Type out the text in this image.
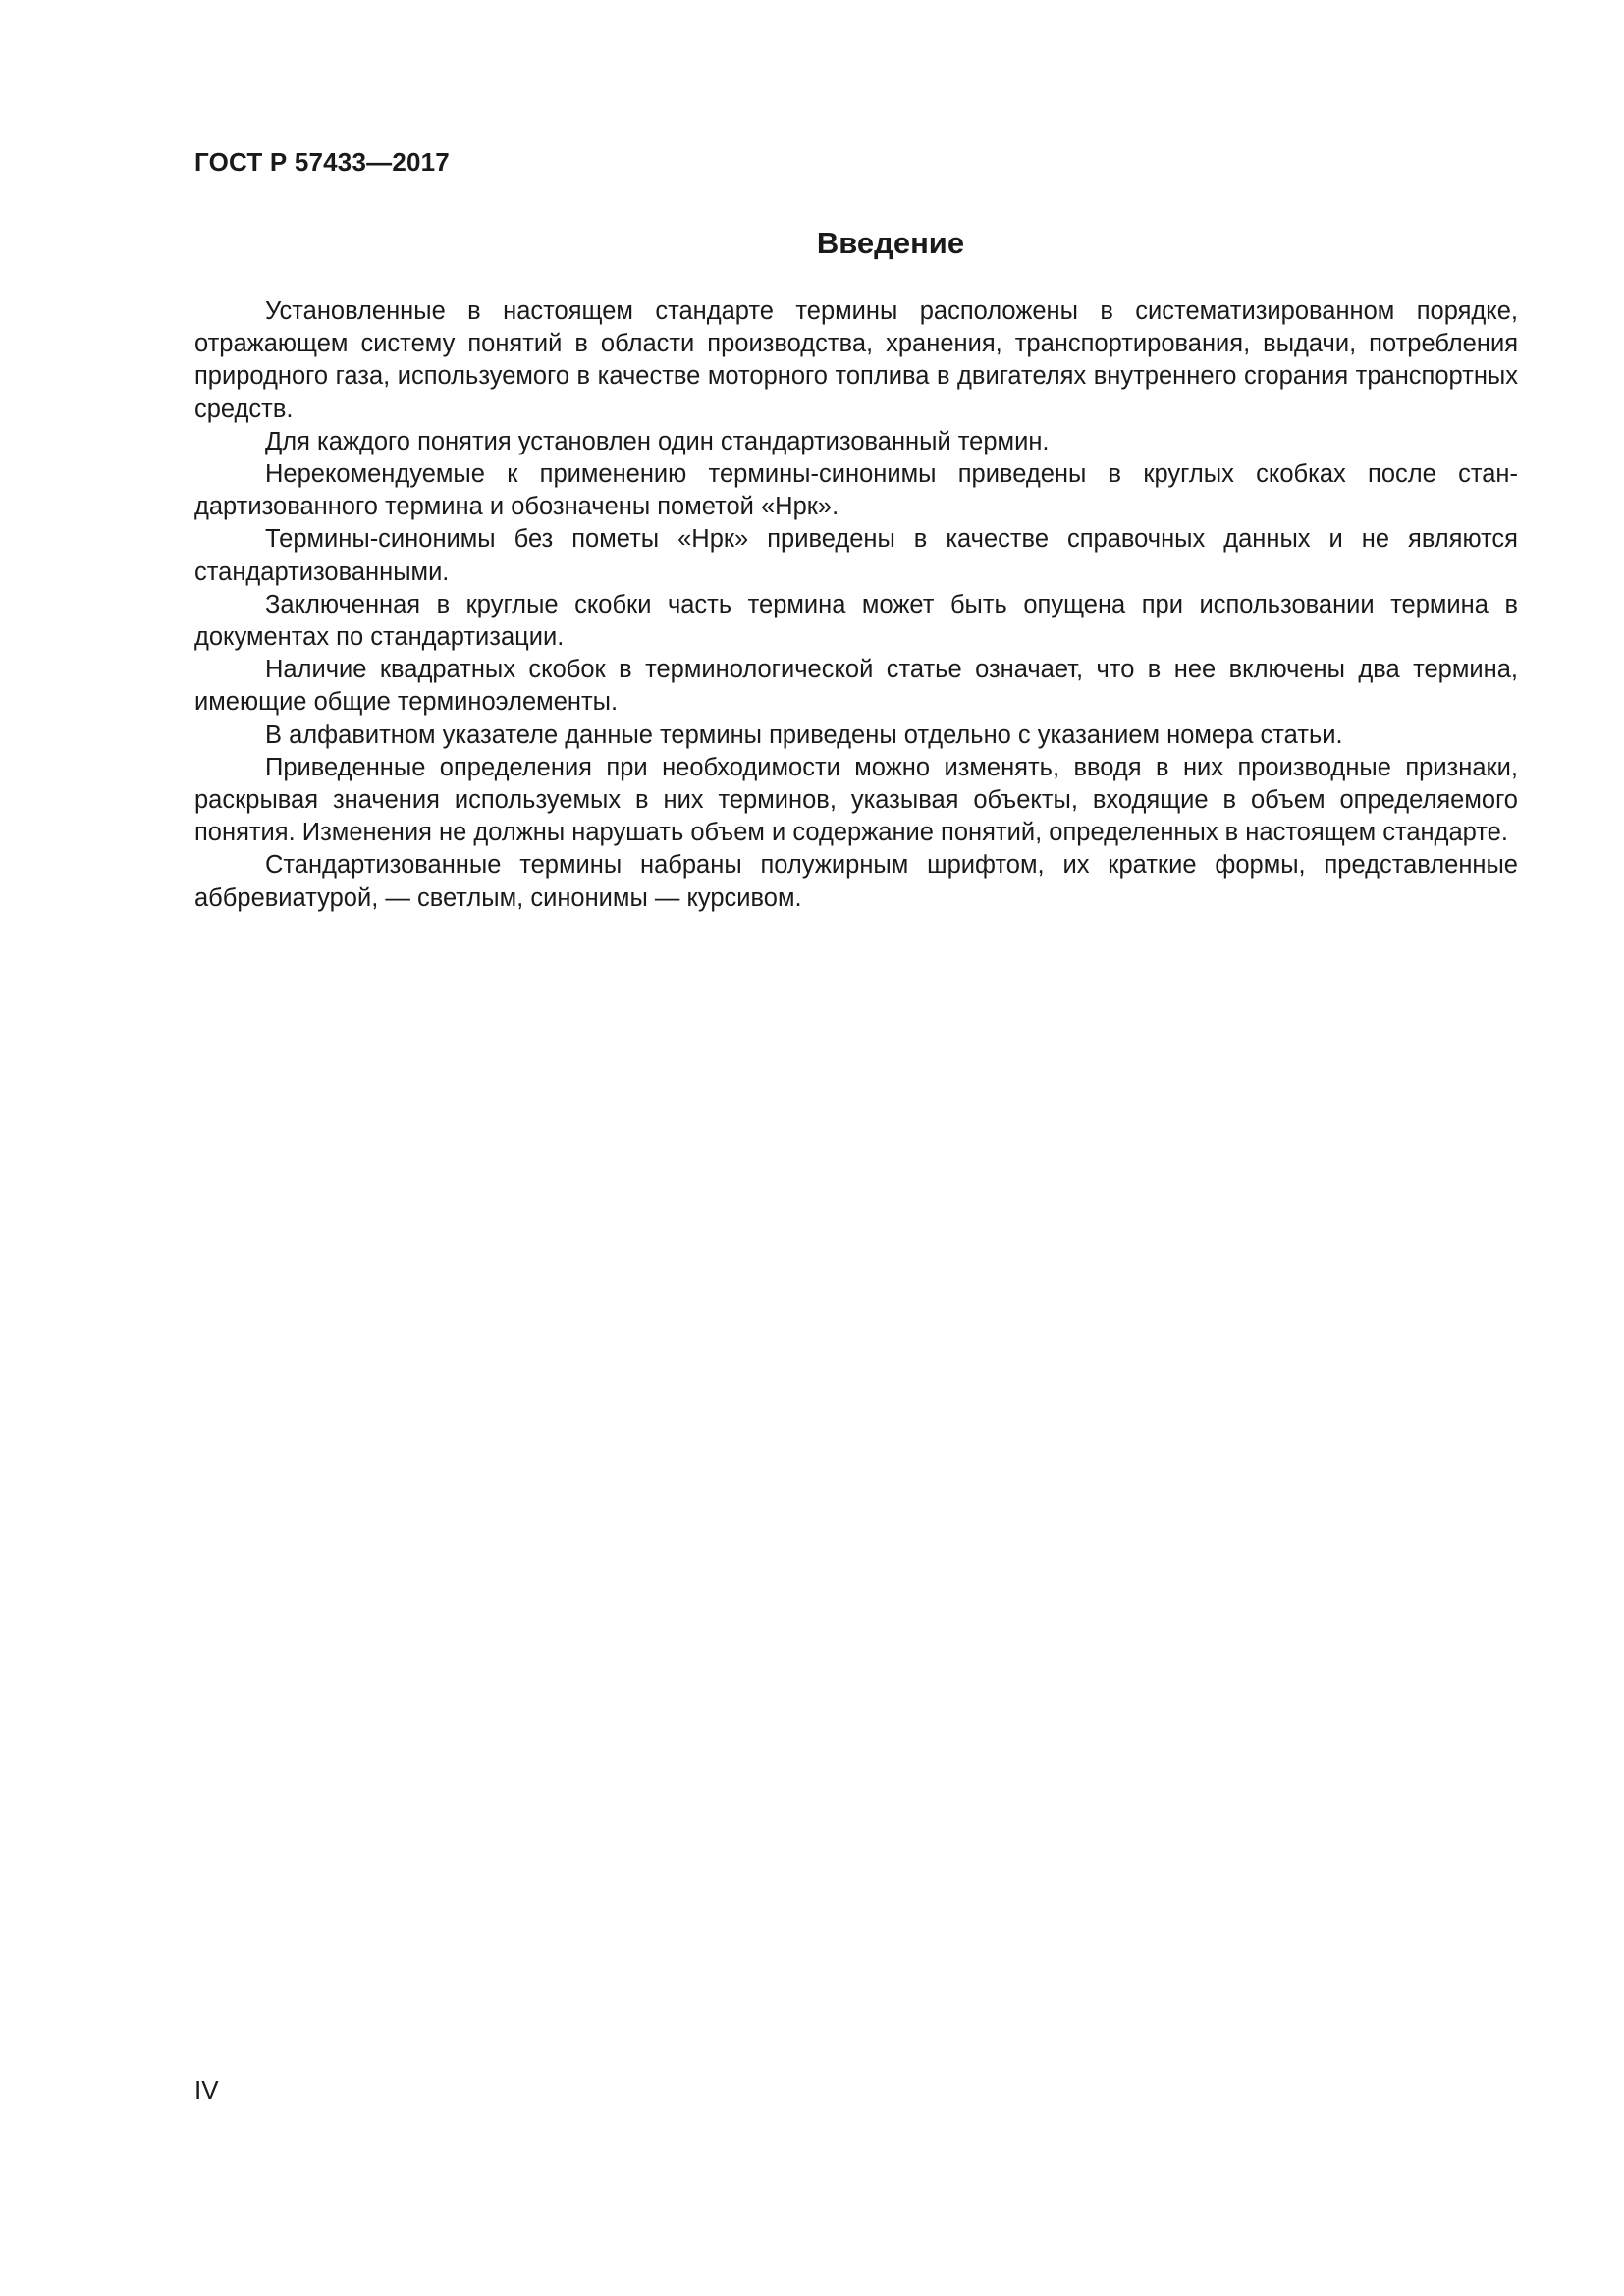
ГОСТ Р 57433—2017
Введение

Установленные в настоящем стандарте термины расположены в систематизированном порядке, отражающем систему понятий в области производства, хранения, транспортирования, выдачи, потребления природного газа, используемого в качестве моторного топлива в двигателях внутреннего сгорания транспортных средств.

Для каждого понятия установлен один стандартизованный термин.

Нерекомендуемые к применению термины-синонимы приведены в круглых скобках после стандартизованного термина и обозначены пометой «Нрк».

Термины-синонимы без пометы «Нрк» приведены в качестве справочных данных и не являются стандартизованными.

Заключенная в круглые скобки часть термина может быть опущена при использовании термина в документах по стандартизации.

Наличие квадратных скобок в терминологической статье означает, что в нее включены два термина, имеющие общие терминоэлементы.

В алфавитном указателе данные термины приведены отдельно с указанием номера статьи.

Приведенные определения при необходимости можно изменять, вводя в них производные признаки, раскрывая значения используемых в них терминов, указывая объекты, входящие в объем определяемого понятия. Изменения не должны нарушать объем и содержание понятий, определенных в настоящем стандарте.

Стандартизованные термины набраны полужирным шрифтом, их краткие формы, представленные аббревиатурой, — светлым, синонимы — курсивом.

IV
